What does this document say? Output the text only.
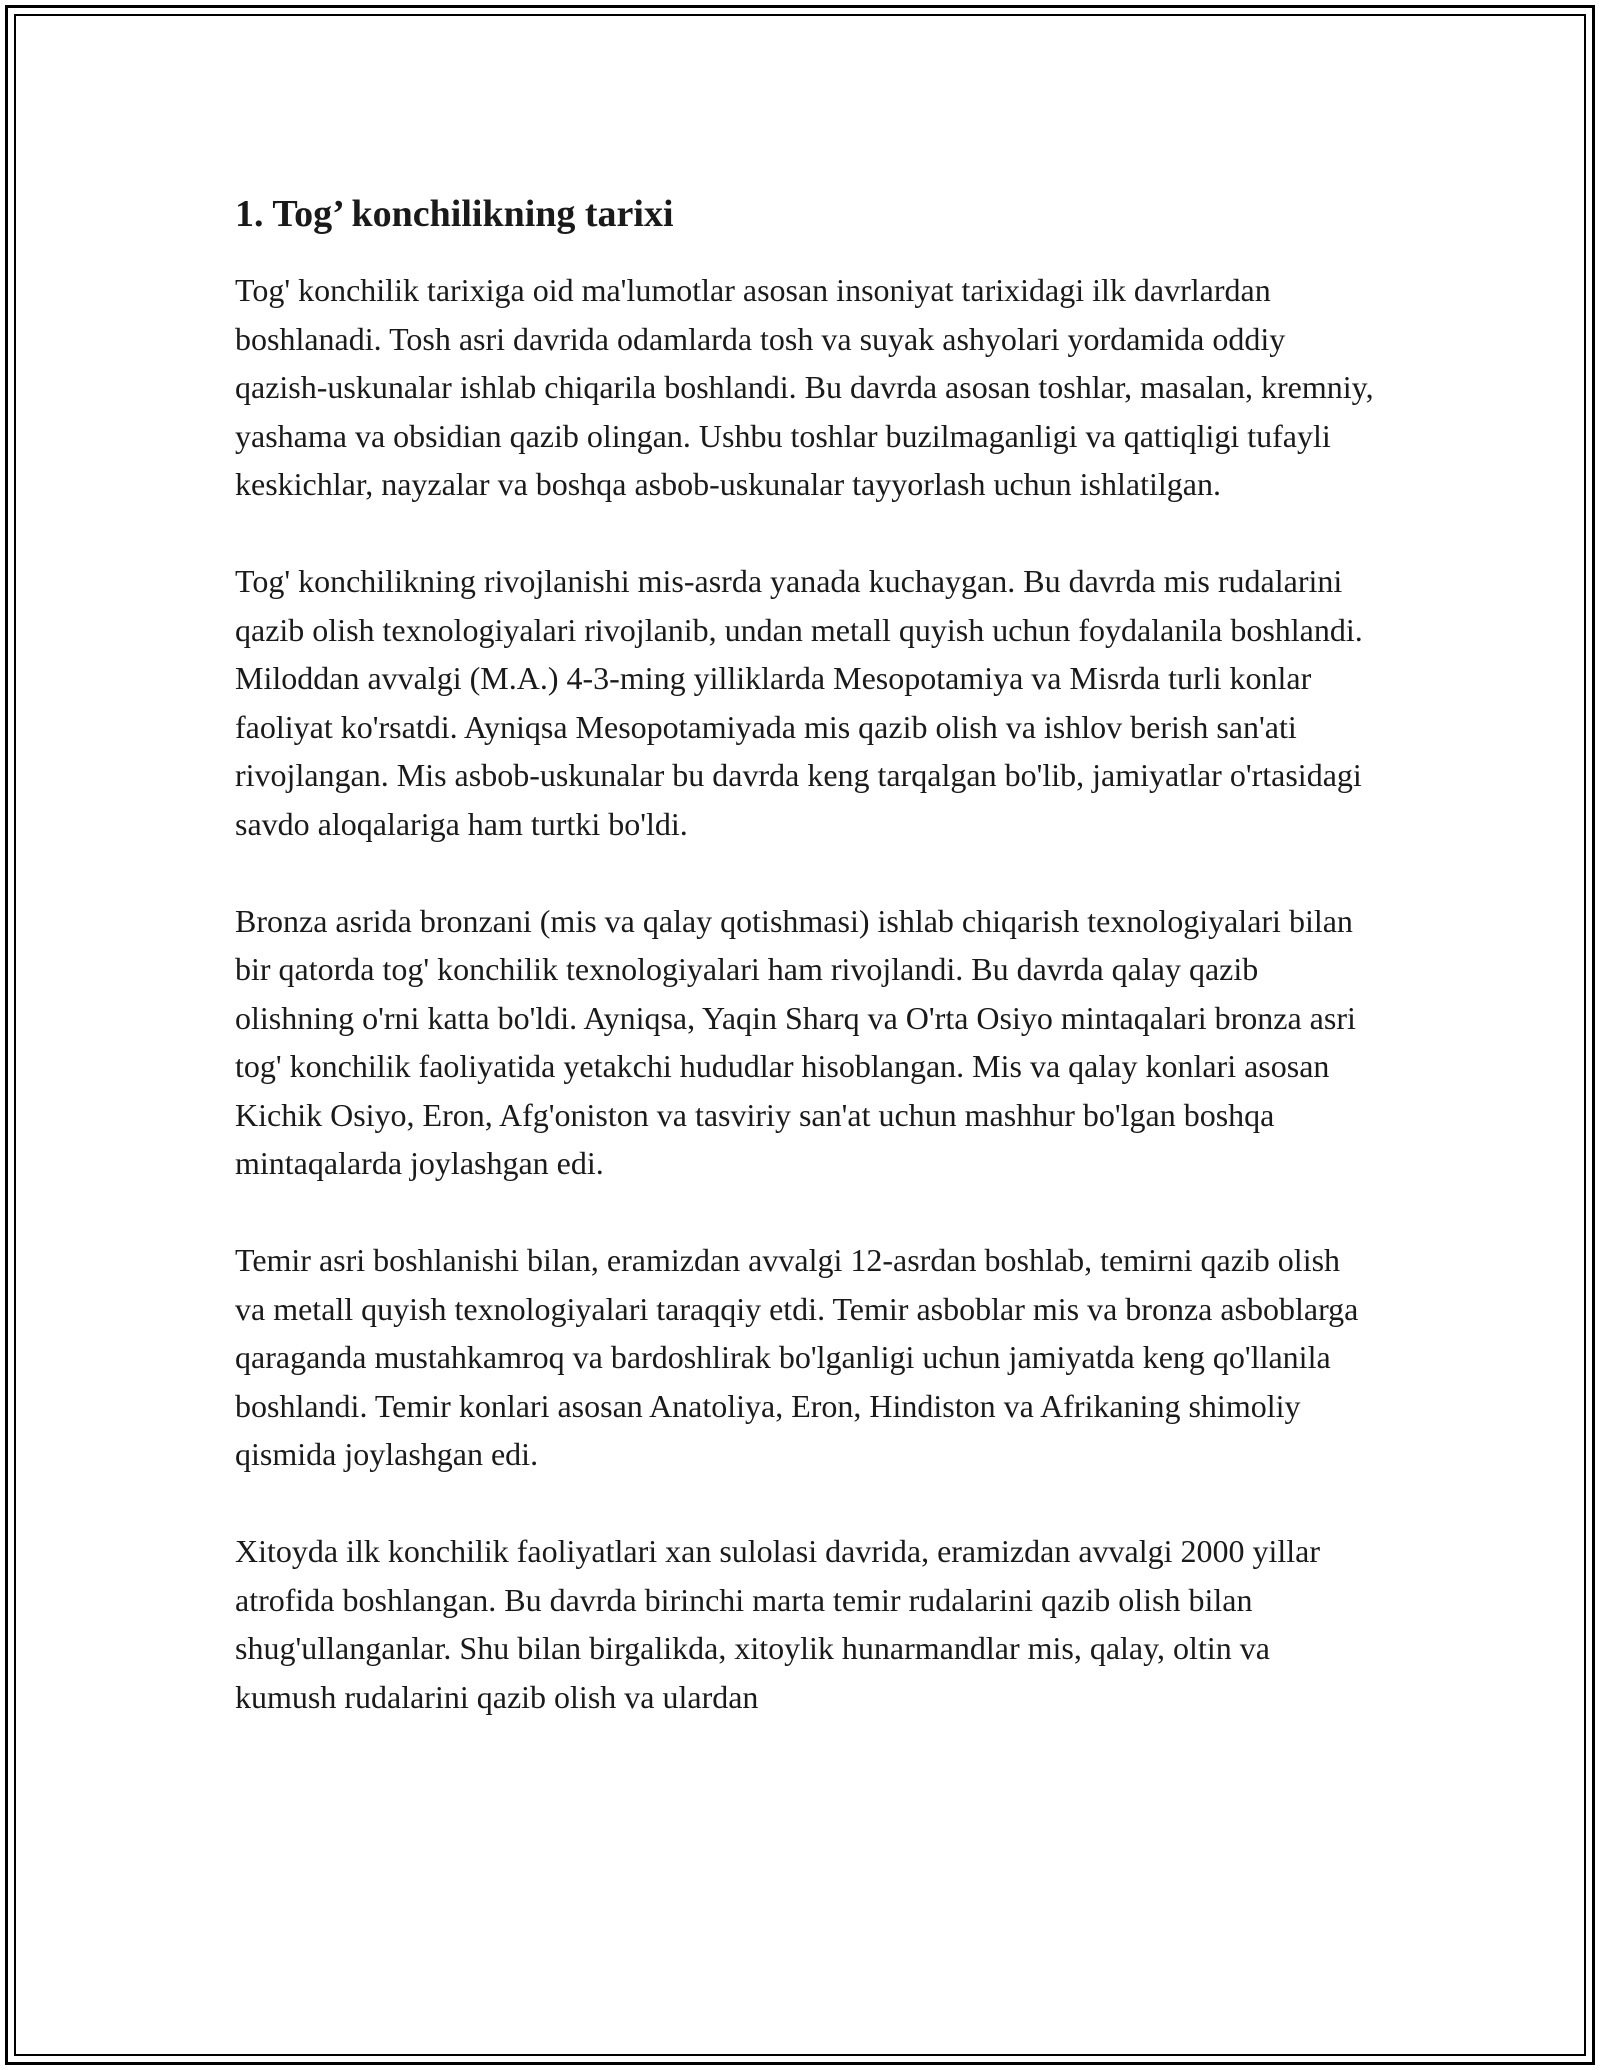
1. Tog’ konchilikning tarixi

Tog' konchilik tarixiga oid ma'lumotlar asosan insoniyat tarixidagi ilk davrlardan boshlanadi. Tosh asri davrida odamlarda tosh va suyak ashyolari yordamida oddiy qazish-uskunalar ishlab chiqarila boshlandi. Bu davrda asosan toshlar, masalan, kremniy, yashama va obsidian qazib olingan. Ushbu toshlar buzilmaganligi va qattiqligi tufayli keskichlar, nayzalar va boshqa asbob-uskunalar tayyorlash uchun ishlatilgan.

Tog' konchilikning rivojlanishi mis-asrda yanada kuchaygan. Bu davrda mis rudalarini qazib olish texnologiyalari rivojlanib, undan metall quyish uchun foydalanila boshlandi. Miloddan avvalgi (M.A.) 4-3-ming yilliklarda Mesopotamiya va Misrda turli konlar faoliyat ko'rsatdi. Ayniqsa Mesopotamiyada mis qazib olish va ishlov berish san'ati rivojlangan. Mis asbob-uskunalar bu davrda keng tarqalgan bo'lib, jamiyatlar o'rtasidagi savdo aloqalariga ham turtki bo'ldi.

Bronza asrida bronzani (mis va qalay qotishmasi) ishlab chiqarish texnologiyalari bilan bir qatorda tog' konchilik texnologiyalari ham rivojlandi. Bu davrda qalay qazib olishning o'rni katta bo'ldi. Ayniqsa, Yaqin Sharq va O'rta Osiyo mintaqalari bronza asri tog' konchilik faoliyatida yetakchi hududlar hisoblangan. Mis va qalay konlari asosan Kichik Osiyo, Eron, Afg'oniston va tasviriy san'at uchun mashhur bo'lgan boshqa mintaqalarda joylashgan edi.

Temir asri boshlanishi bilan, eramizdan avvalgi 12-asrdan boshlab, temirni qazib olish va metall quyish texnologiyalari taraqqiy etdi. Temir asboblar mis va bronza asboblarga qaraganda mustahkamroq va bardoshlirak bo'lganligi uchun jamiyatda keng qo'llanila boshlandi. Temir konlari asosan Anatoliya, Eron, Hindiston va Afrikaning shimoliy qismida joylashgan edi.

Xitoyda ilk konchilik faoliyatlari xan sulolasi davrida, eramizdan avvalgi 2000 yillar atrofida boshlangan. Bu davrda birinchi marta temir rudalarini qazib olish bilan shug'ullanganlar. Shu bilan birgalikda, xitoylik hunarmandlar mis, qalay, oltin va kumush rudalarini qazib olish va ulardan
